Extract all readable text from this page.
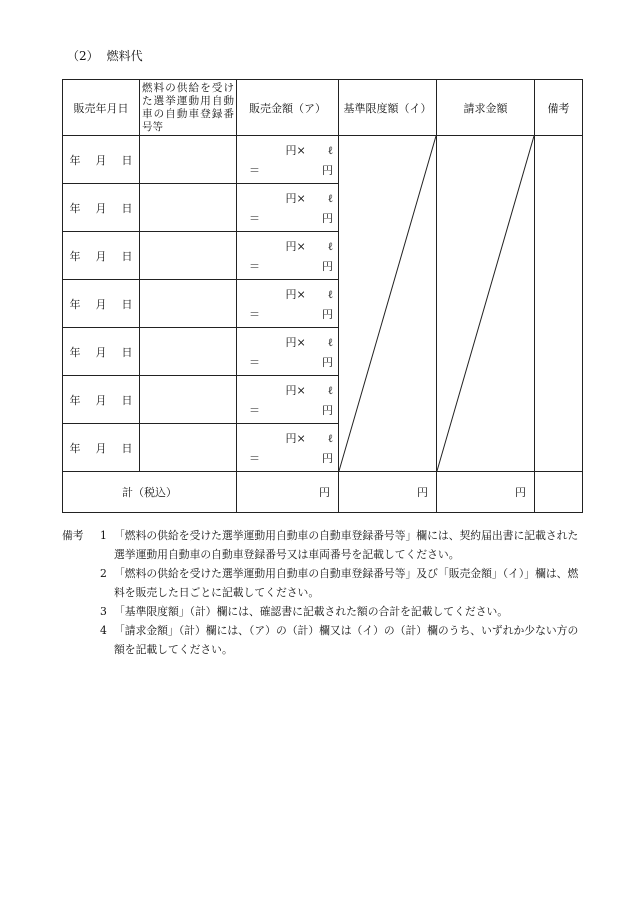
（2） 燃料代
販売年月日	燃料の供給を受けた選挙運動用自動車の自動車登録番号等	販売金額（ア）	基準限度額（イ）	請求金額	備考
年 月 日		円× ℓ
＝ 円

年 月 日		円× ℓ
＝ 円			

年 月 日		円× ℓ
＝ 円			

年 月 日		円× ℓ
＝ 円			

年 月 日		円× ℓ
＝ 円			

年 月 日		円× ℓ
＝ 円			

年 月 日		円× ℓ
＝ 円			

計（税込）		円	円	円	
備考 1 「燃料の供給を受けた選挙運動用自動車の自動車登録番号等」欄には、契約届出書に記載された選挙運動用自動車の自動車登録番号又は車両番号を記載してください。
2 「燃料の供給を受けた選挙運動用自動車の自動車登録番号等」及び「販売金額」（イ）」欄は、燃料を販売した日ごとに記載してください。
3 「基準限度額」（計）欄には、確認書に記載された額の合計を記載してください。
4 「請求金額」（計）欄には、（ア）の（計）欄又は（イ）の（計）欄のうち、いずれか少ない方の額を記載してください。
